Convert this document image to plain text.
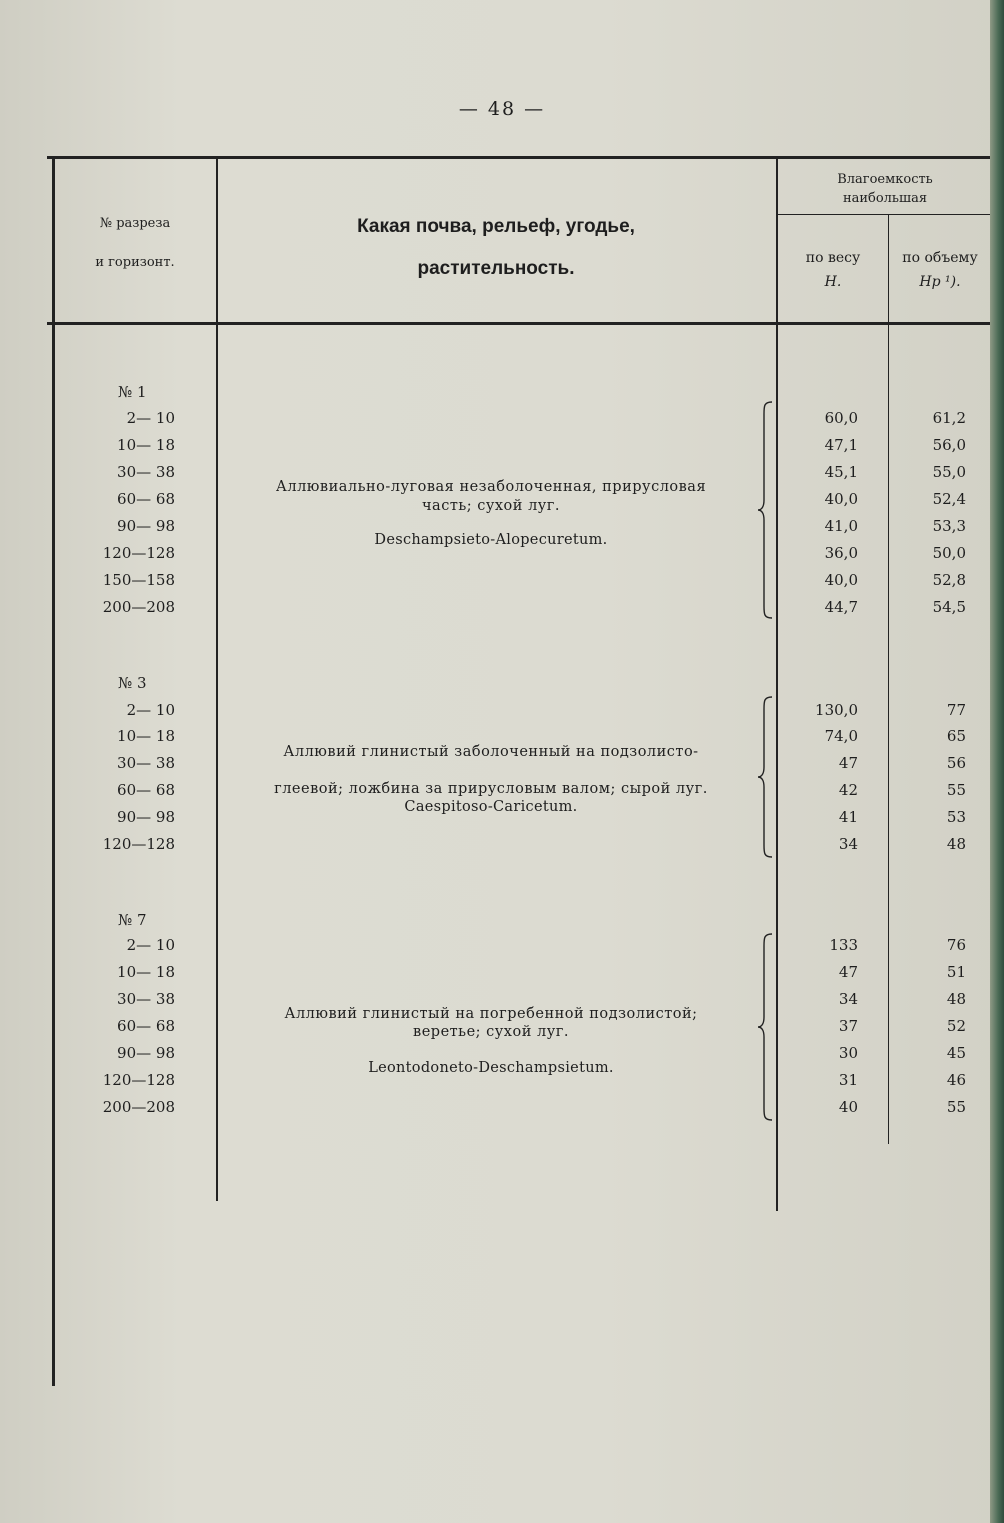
— 48 —
№ разреза
и горизонт.
Какая почва, рельеф, угодье,
растительность.
Влагоемкость
наибольшая
по весу
H.
по объему
Hp ¹).
№ 1
2— 10	60,0	61,2
10— 18	47,1	56,0
30— 38	45,1	55,0
60— 68	40,0	52,4
90— 98	41,0	53,3
120—128	36,0	50,0
150—158	40,0	52,8
200—208	44,7	54,5
Аллювиально-луговая незаболоченная, прирусловая
часть; сухой луг.
Deschampsieto-Alopecuretum.
№ 3
2— 10	130,0	77
10— 18	74,0	65
30— 38	47	56
60— 68	42	55
90— 98	41	53
120—128	34	48
Аллювий глинистый заболоченный на подзолисто-
глеевой; ложбина за прирусловым валом; сырой луг.
Caespitoso-Caricetum.
№ 7
2— 10	133	76
10— 18	47	51
30— 38	34	48
60— 68	37	52
90— 98	30	45
120—128	31	46
200—208	40	55
Аллювий глинистый на погребенной подзолистой;
веретье; сухой луг.
Leontodoneto-Deschampsietum.
